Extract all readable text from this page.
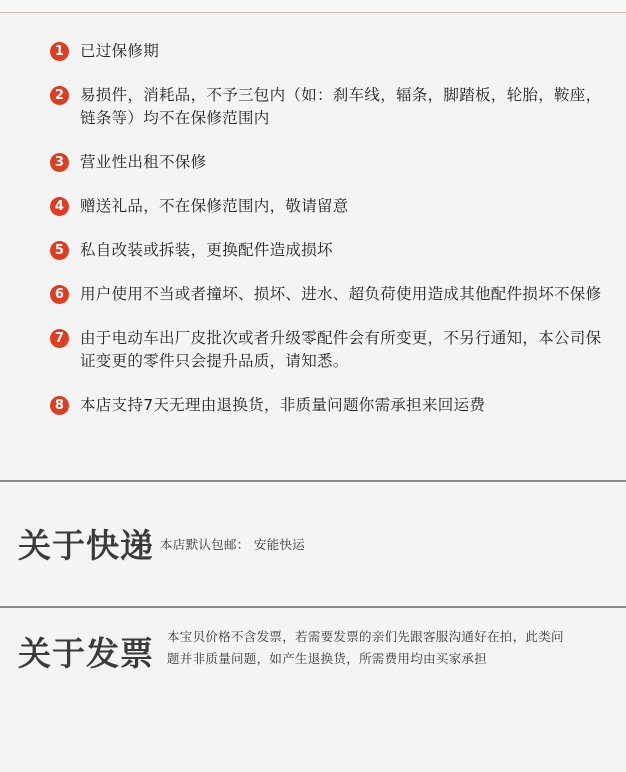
1	已过保修期
2	易损件，消耗品，不予三包内（如：刹车线，辐条，脚踏板，轮胎，鞍座，链条等）均不在保修范围内
3	营业性出租不保修
4	赠送礼品，不在保修范围内，敬请留意
5	私自改装或拆装，更换配件造成损坏
6	用户使用不当或者撞坏、损坏、进水、超负荷使用造成其他配件损坏不保修
7	由于电动车出厂皮批次或者升级零配件会有所变更，不另行通知，本公司保证变更的零件只会提升品质，请知悉。
8	本店支持7天无理由退换货，非质量问题你需承担来回运费
关于快递 本店默认包邮： 安能快运
关于发票 本宝贝价格不含发票，若需要发票的亲们先跟客服沟通好在拍，此类问题并非质量问题，如产生退换货，所需费用均由买家承担
